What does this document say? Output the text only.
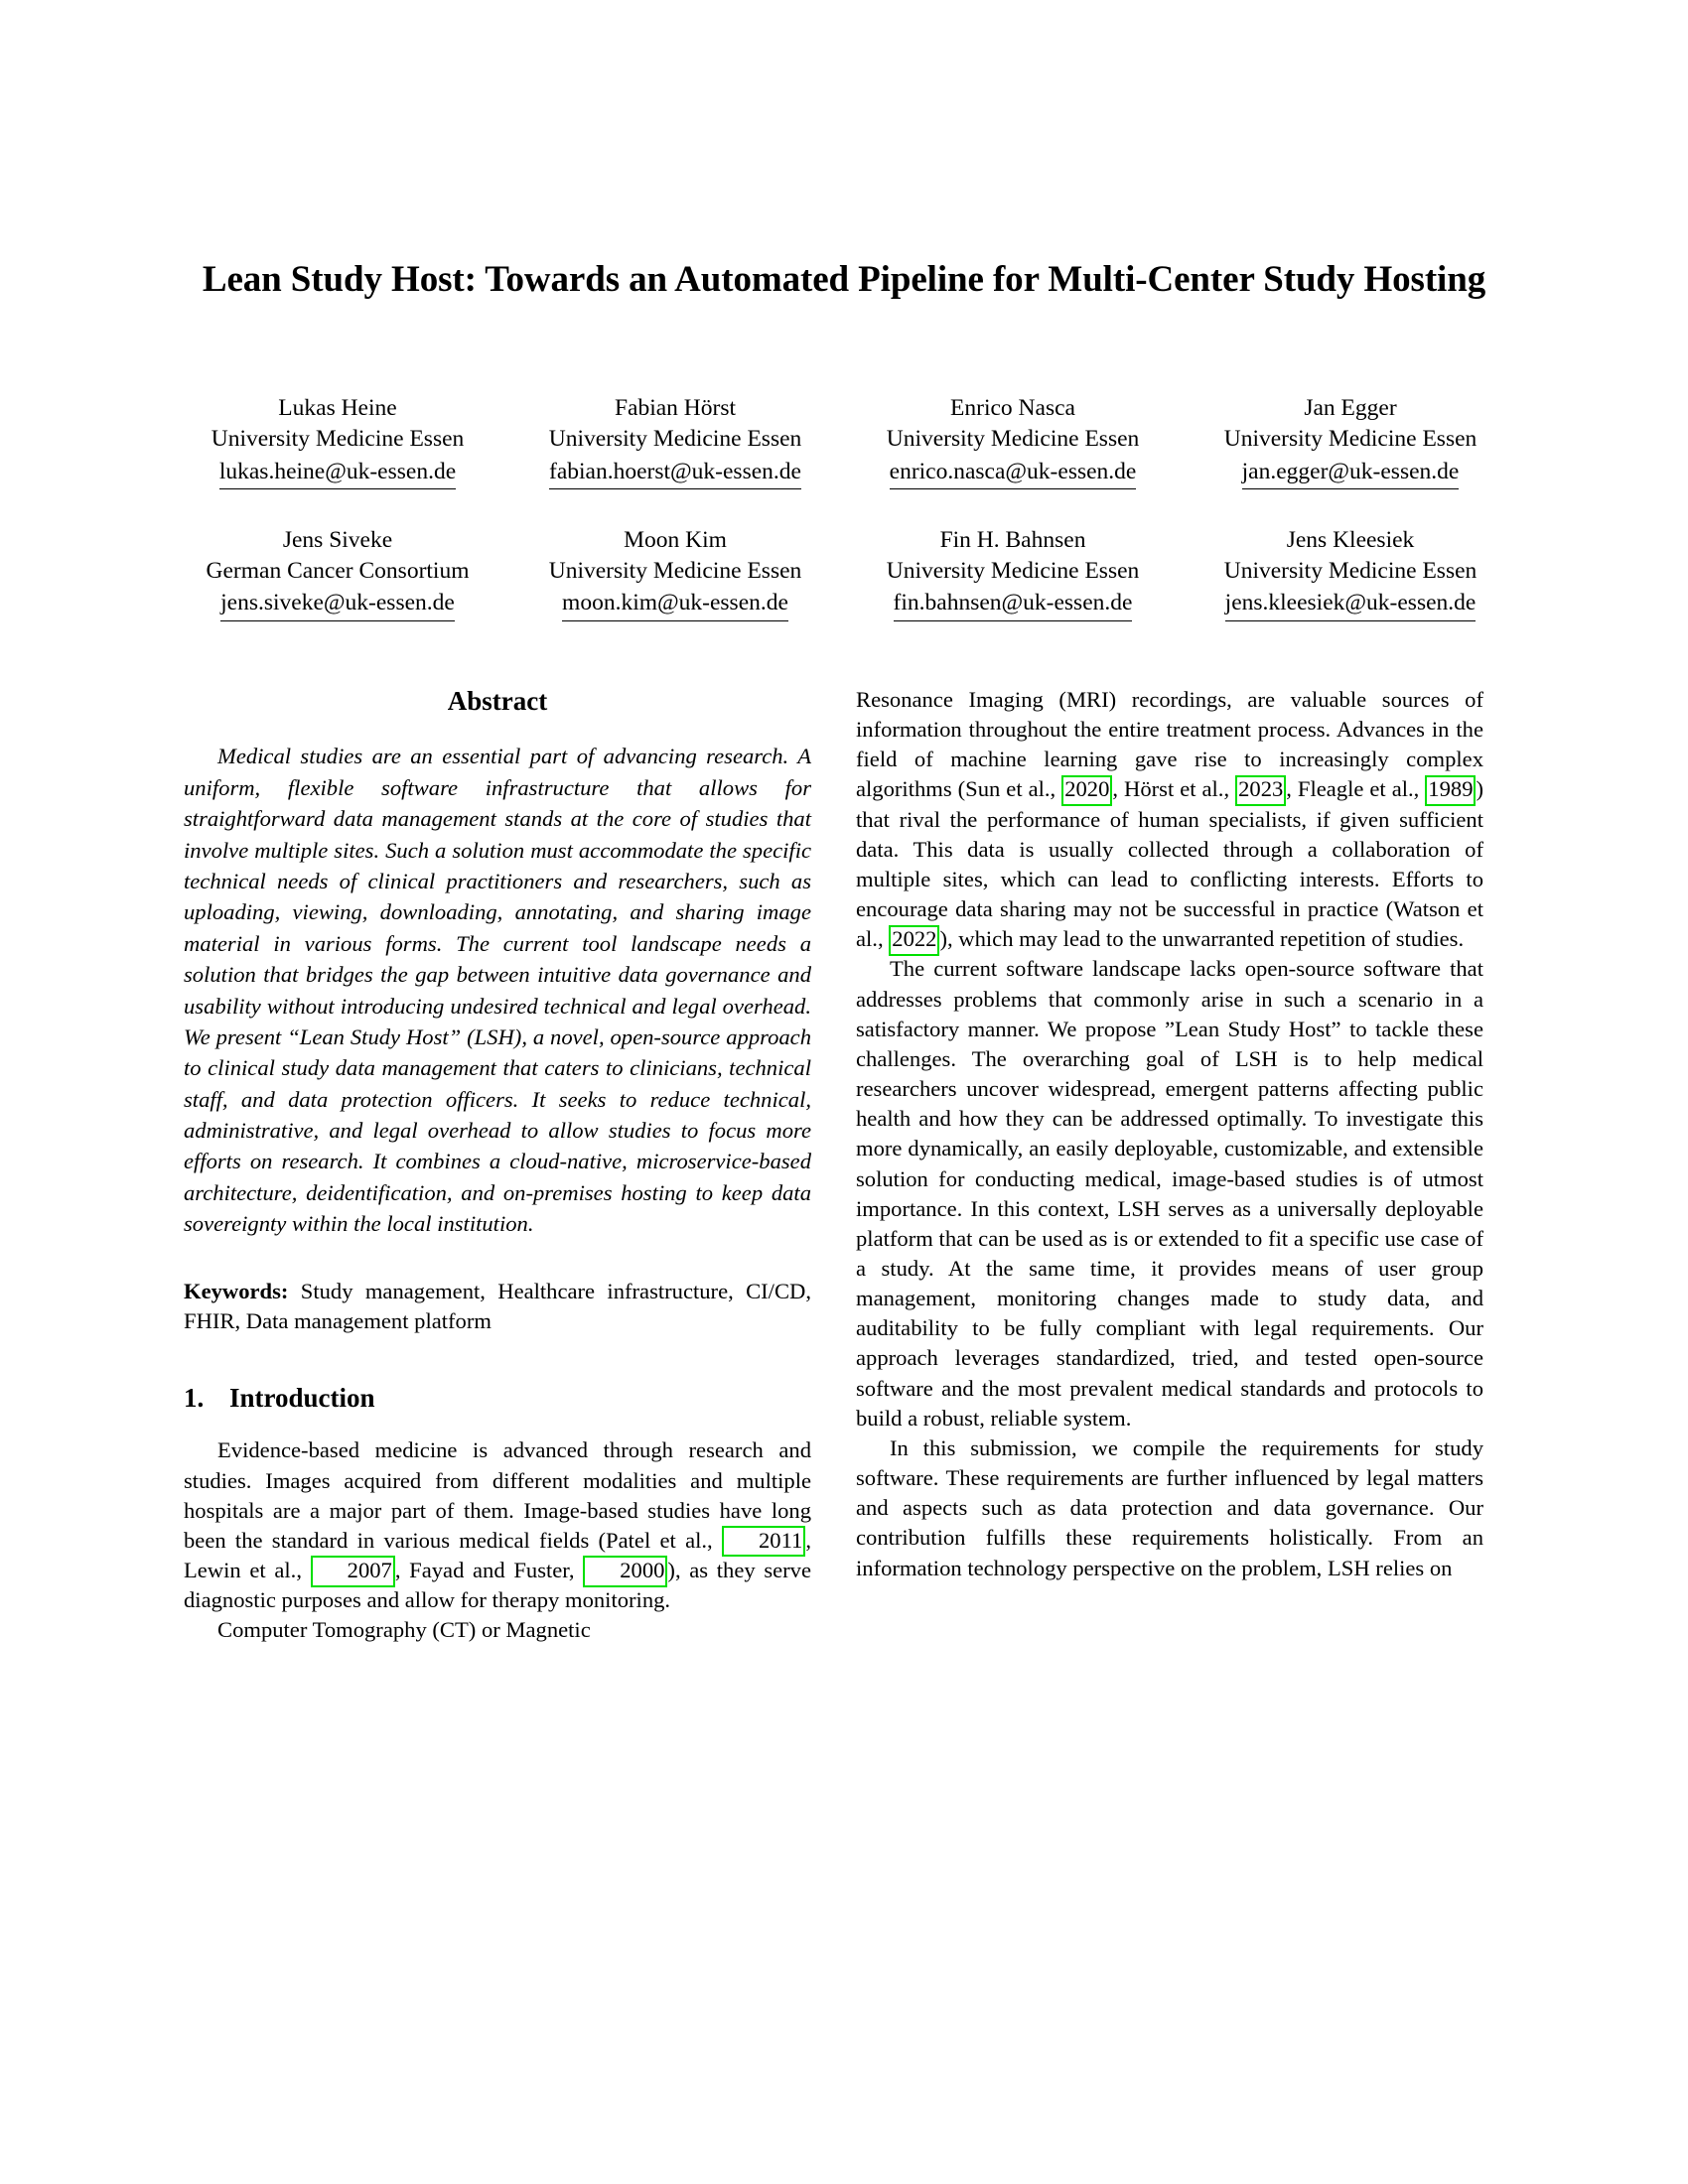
Lean Study Host: Towards an Automated Pipeline for Multi-Center Study Hosting
Lukas Heine
University Medicine Essen
lukas.heine@uk-essen.de
Fabian Hörst
University Medicine Essen
fabian.hoerst@uk-essen.de
Enrico Nasca
University Medicine Essen
enrico.nasca@uk-essen.de
Jan Egger
University Medicine Essen
jan.egger@uk-essen.de
Jens Siveke
German Cancer Consortium
jens.siveke@uk-essen.de
Moon Kim
University Medicine Essen
moon.kim@uk-essen.de
Fin H. Bahnsen
University Medicine Essen
fin.bahnsen@uk-essen.de
Jens Kleesiek
University Medicine Essen
jens.kleesiek@uk-essen.de
Abstract

Medical studies are an essential part of advancing research. A uniform, flexible software infrastructure that allows for straightforward data management stands at the core of studies that involve multiple sites. Such a solution must accommodate the specific technical needs of clinical practitioners and researchers, such as uploading, viewing, downloading, annotating, and sharing image material in various forms. The current tool landscape needs a solution that bridges the gap between intuitive data governance and usability without introducing undesired technical and legal overhead. We present “Lean Study Host” (LSH), a novel, open-source approach to clinical study data management that caters to clinicians, technical staff, and data protection officers. It seeks to reduce technical, administrative, and legal overhead to allow studies to focus more efforts on research. It combines a cloud-native, microservice-based architecture, deidentification, and on-premises hosting to keep data sovereignty within the local institution.

Keywords: Study management, Healthcare infrastructure, CI/CD, FHIR, Data management platform

1. Introduction

Evidence-based medicine is advanced through research and studies. Images acquired from different modalities and multiple hospitals are a major part of them. Image-based studies have long been the standard in various medical fields (Patel et al., 2011 , Lewin et al., 2007 , Fayad and Fuster, 2000 ), as they serve diagnostic purposes and allow for therapy monitoring.

Computer Tomography (CT) or Magnetic

Resonance Imaging (MRI) recordings, are valuable sources of information throughout the entire treatment process. Advances in the field of machine learning gave rise to increasingly complex algorithms (Sun et al., 2020 , Hörst et al., 2023 , Fleagle et al., 1989 ) that rival the performance of human specialists, if given sufficient data. This data is usually collected through a collaboration of multiple sites, which can lead to conflicting interests. Efforts to encourage data sharing may not be successful in practice (Watson et al., 2022 ), which may lead to the unwarranted repetition of studies.

The current software landscape lacks open-source software that addresses problems that commonly arise in such a scenario in a satisfactory manner. We propose ”Lean Study Host” to tackle these challenges. The overarching goal of LSH is to help medical researchers uncover widespread, emergent patterns affecting public health and how they can be addressed optimally. To investigate this more dynamically, an easily deployable, customizable, and extensible solution for conducting medical, image-based studies is of utmost importance. In this context, LSH serves as a universally deployable platform that can be used as is or extended to fit a specific use case of a study. At the same time, it provides means of user group management, monitoring changes made to study data, and auditability to be fully compliant with legal requirements. Our approach leverages standardized, tried, and tested open-source software and the most prevalent medical standards and protocols to build a robust, reliable system.

In this submission, we compile the requirements for study software. These requirements are further influenced by legal matters and aspects such as data protection and data governance. Our contribution fulfills these requirements holistically. From an information technology perspective on the problem, LSH relies on
